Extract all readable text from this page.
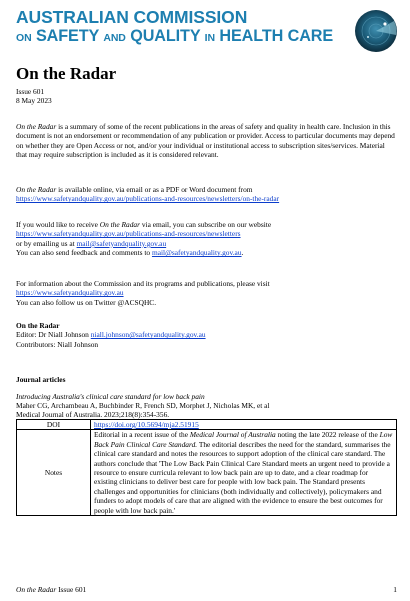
AUSTRALIAN COMMISSION
ON SAFETY AND QUALITY IN HEALTH CARE
On the Radar
Issue 601
8 May 2023
On the Radar is a summary of some of the recent publications in the areas of safety and quality in health care. Inclusion in this document is not an endorsement or recommendation of any publication or provider. Access to particular documents may depend on whether they are Open Access or not, and/or your individual or institutional access to subscription sites/services. Material that may require subscription is included as it is considered relevant.
On the Radar is available online, via email or as a PDF or Word document from
https://www.safetyandquality.gov.au/publications-and-resources/newsletters/on-the-radar
If you would like to receive On the Radar via email, you can subscribe on our website
https://www.safetyandquality.gov.au/publications-and-resources/newsletters
or by emailing us at mail@safetyandquality.gov.au
You can also send feedback and comments to mail@safetyandquality.gov.au.
For information about the Commission and its programs and publications, please visit
https://www.safetyandquality.gov.au
You can also follow us on Twitter @ACSQHC.
On the Radar
Editor: Dr Niall Johnson niall.johnson@safetyandquality.gov.au
Contributors: Niall Johnson
Journal articles
Introducing Australia's clinical care standard for low back pain
Maher CG, Archambeau A, Buchbinder R, French SD, Morphet J, Nicholas MK, et al
Medical Journal of Australia. 2023;218(8):354-356.
DOI	https://doi.org/10.5694/mja2.51915
Notes	Editorial in a recent issue of the Medical Journal of Australia noting the late 2022 release of the Low Back Pain Clinical Care Standard. The editorial describes the need for the standard, summarises the clinical care standard and notes the resources to support adoption of the clinical care standard. The authors conclude that 'The Low Back Pain Clinical Care Standard meets an urgent need to provide a resource to ensure curricula relevant to low back pain are up to date, and a clear roadmap for existing clinicians to deliver best care for people with low back pain. The Standard presents challenges and opportunities for clinicians (both individually and collectively), policymakers and funders to adopt models of care that are aligned with the evidence to ensure the best outcomes for people with low back pain.'
On the Radar Issue 601	1
